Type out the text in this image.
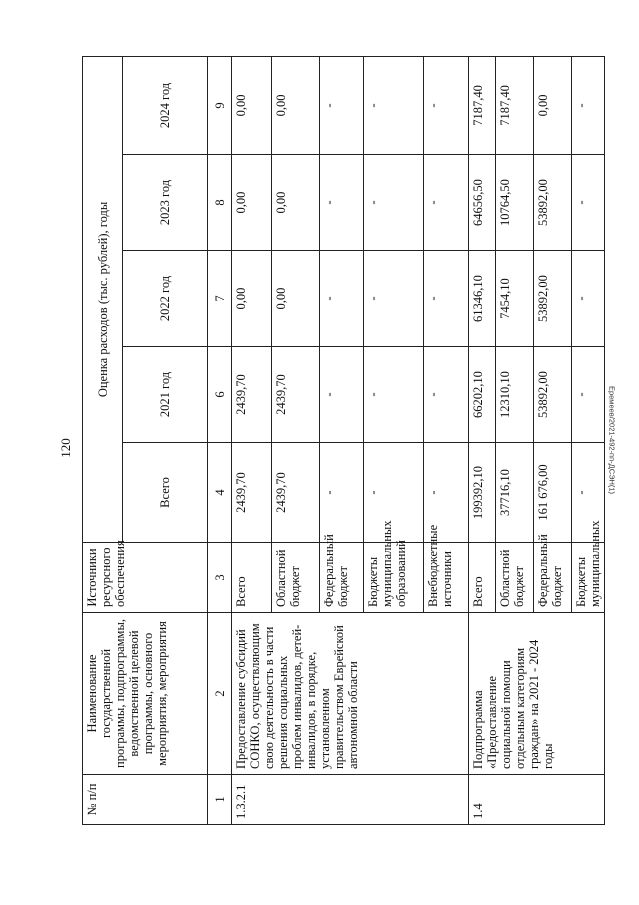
120	Еремеев/2021-492-пп-ДСЭН(1)
№ п/п	Наименование государственной программы, подпрограммы, ведомственной целевой программы, основного мероприятия, мероприятия	Источники ресурсного обеспечения	Оценка расходов (тыс. рублей), годы				
			Всего	2021 год	2022 год	2023 год	2024 год
1	2	3	4	6	7	8	9
1.3.2.1	Предоставление субсидий СОНКО, осуществляющим свою деятельность в части решения социальных проблем инвалидов, детей-инвалидов, в порядке, установленном правительством Еврейской автономной области	Всего	2439,70	2439,70	0,00	0,00	0,00
		Областной бюджет	2439,70	2439,70	0,00	0,00	0,00
		Федеральный бюджет	-	-	-	-	-
		Бюджеты муниципальных образований	-	-	-	-	-
		Внебюджетные источники	-	-	-	-	-
1.4	Подпрограмма «Предоставление социальной помощи отдельным категориям граждан» на 2021 - 2024 годы	Всего	199392,10	66202,10	61346,10	64656,50	7187,40
		Областной бюджет	37716,10	12310,10	7454,10	10764,50	7187,40
		Федеральный бюджет	161 676,00	53892,00	53892,00	53892,00	0,00
		Бюджеты муниципальных	-	-	-	-	-
